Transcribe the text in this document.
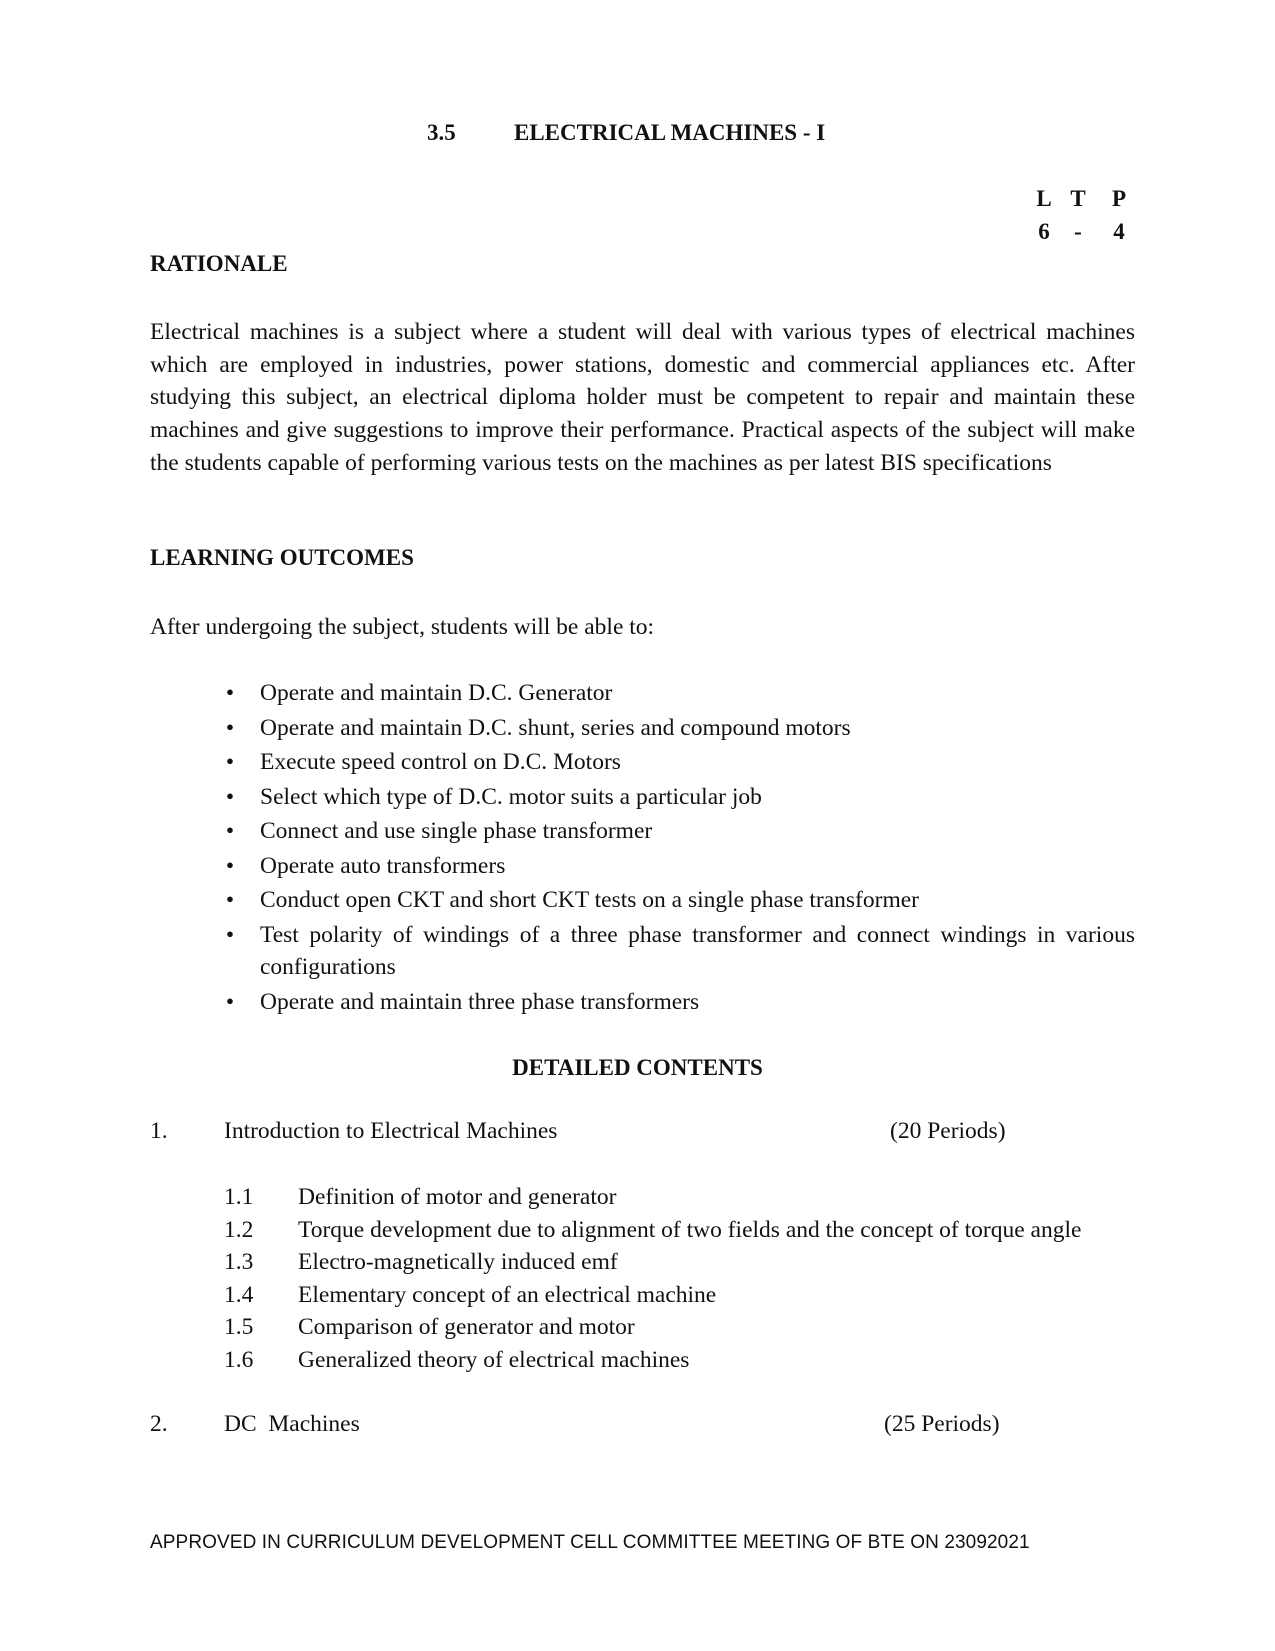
3.5	ELECTRICAL MACHINES - I
L T	P
6	-	4
RATIONALE
Electrical machines is a subject where a student will deal with various types of electrical machines which are employed in industries, power stations, domestic and commercial appliances etc. After studying this subject, an electrical diploma holder must be competent to repair and maintain these machines and give suggestions to improve their performance. Practical aspects of the subject will make the students capable of performing various tests on the machines as per latest BIS specifications
LEARNING OUTCOMES
After undergoing the subject, students will be able to:
• Operate and maintain D.C. Generator
• Operate and maintain D.C. shunt, series and compound motors
• Execute speed control on D.C. Motors
• Select which type of D.C. motor suits a particular job
• Connect and use single phase transformer
• Operate auto transformers
• Conduct open CKT and short CKT tests on a single phase transformer
• Test polarity of windings of a three phase transformer and connect windings in various configurations
• Operate and maintain three phase transformers
DETAILED CONTENTS
1. Introduction to Electrical Machines	(20 Periods)
1.1 Definition of motor and generator
1.2 Torque development due to alignment of two fields and the concept of torque angle
1.3 Electro-magnetically induced emf
1.4 Elementary concept of an electrical machine
1.5 Comparison of generator and motor
1.6 Generalized theory of electrical machines
2. DC  Machines	(25 Periods)
APPROVED IN CURRICULUM DEVELOPMENT CELL COMMITTEE MEETING OF BTE ON 23092021
